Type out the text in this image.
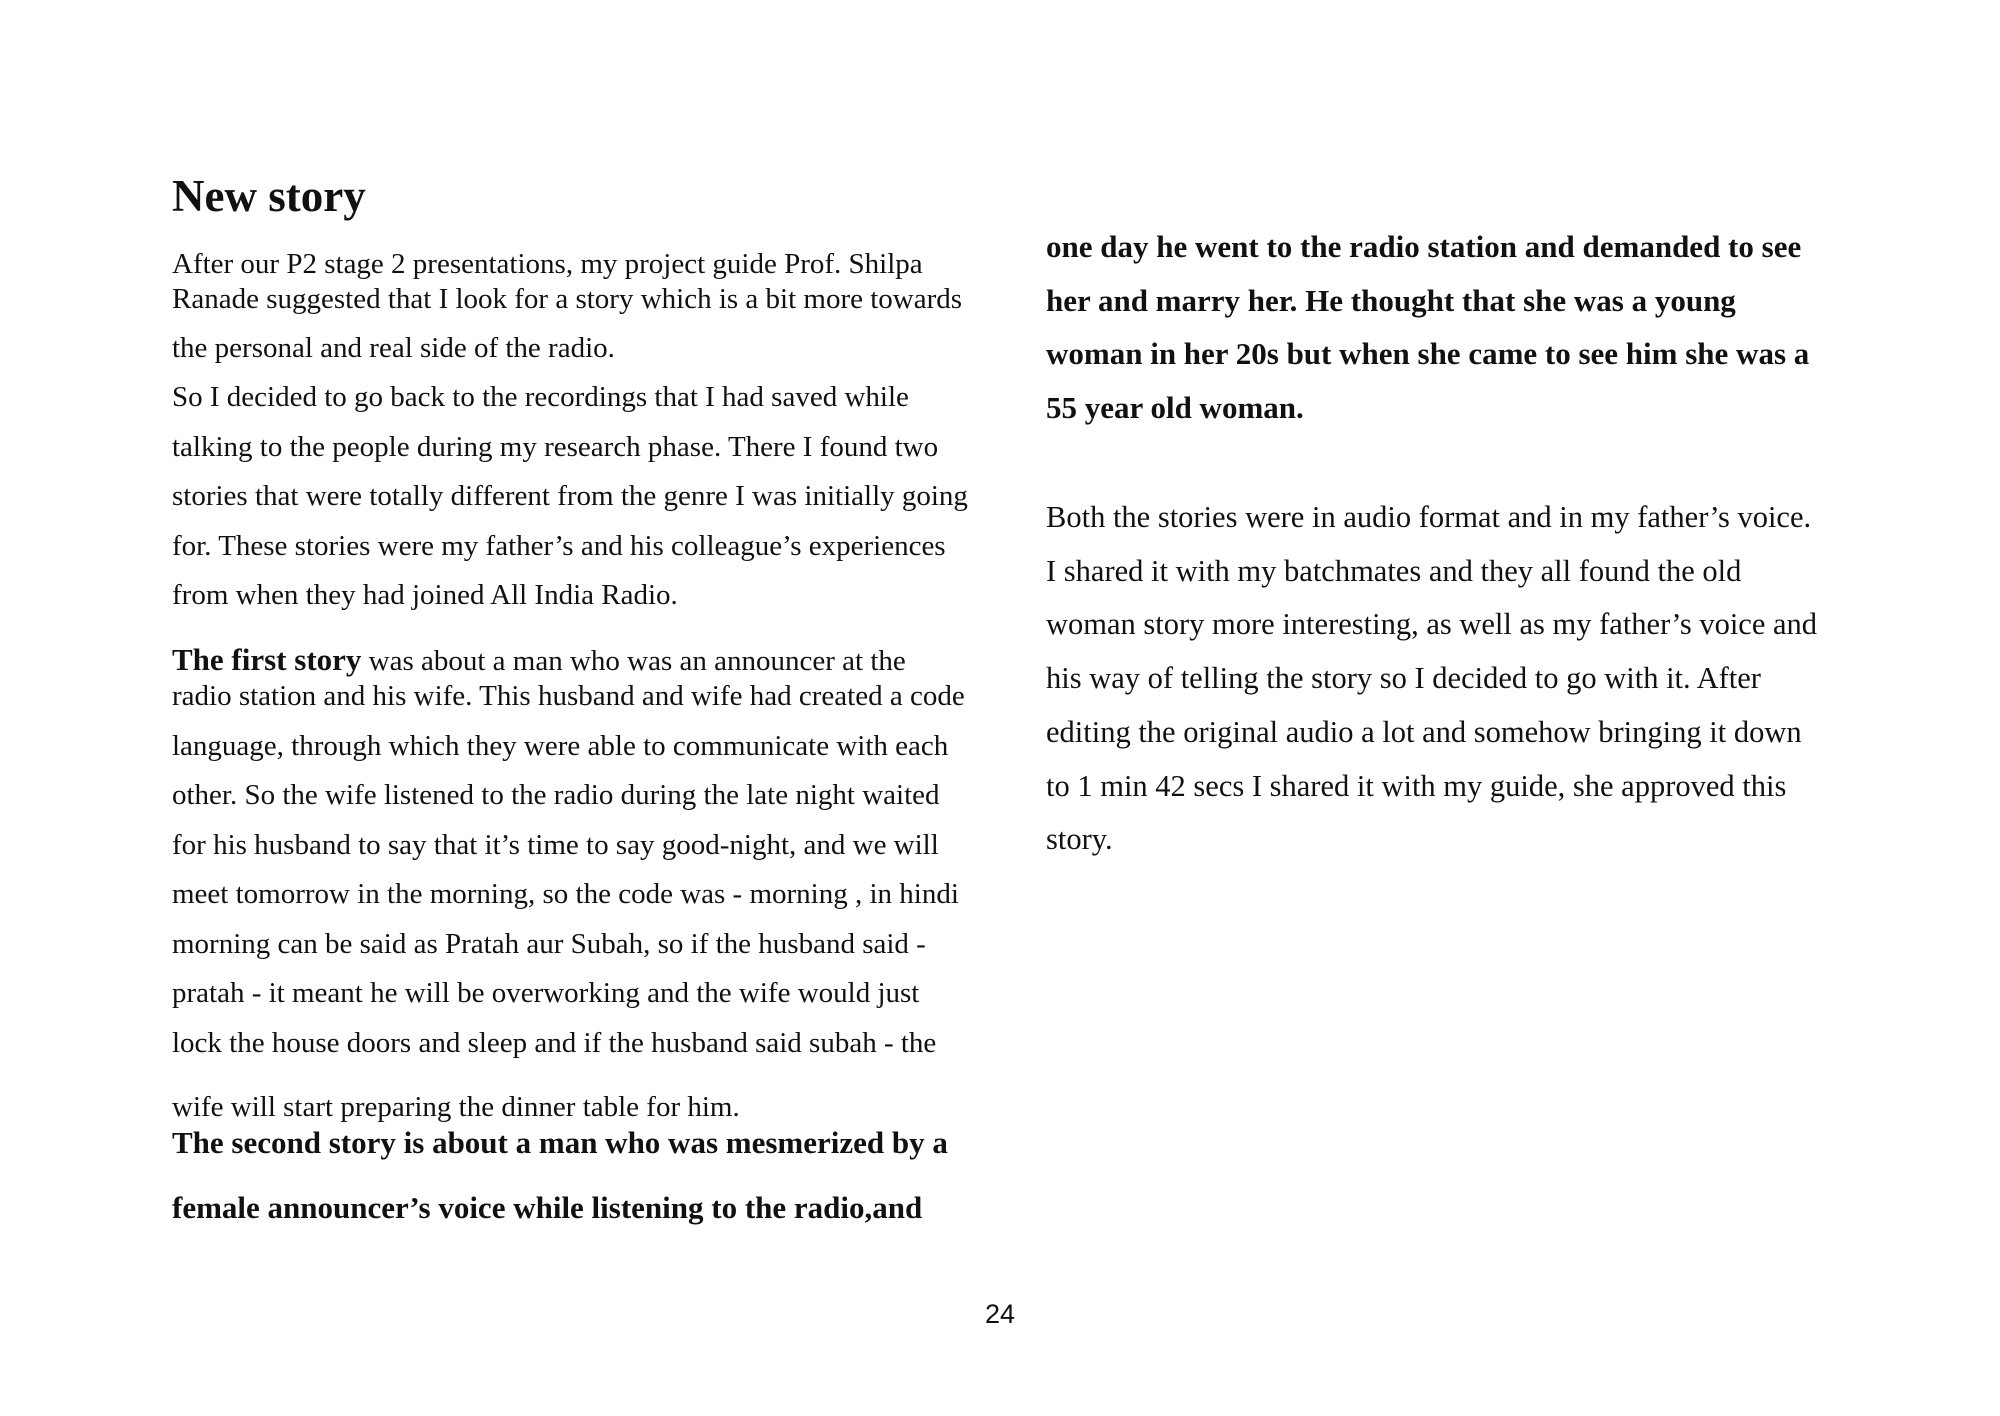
New story
After our P2 stage 2 presentations, my project guide Prof. Shilpa
Ranade suggested that I look for a story which is a bit more towards
the personal and real side of the radio.
So I decided to go back to the recordings that I had saved while
talking to the people during my research phase. There I found two
stories that were totally different from the genre I was initially going
for. These stories were my father’s and his colleague’s experiences
from when they had joined All India Radio.
The first story was about a man who was an announcer at the
radio station and his wife. This husband and wife had created a code
language, through which they were able to communicate with each
other. So the wife listened to the radio during the late night waited
for his husband to say that it’s time to say good-night, and we will
meet tomorrow in the morning, so the code was - morning , in hindi
morning can be said as Pratah aur Subah, so if the husband said -
pratah - it meant he will be overworking and the wife would just
lock the house doors and sleep and if the husband said subah - the
wife will start preparing the dinner table for him.
The second story is about a man who was mesmerized by a
female announcer’s voice while listening to the radio,and
one day he went to the radio station and demanded to see
her and marry her. He thought that she was a young
woman in her 20s but when she came to see him she was a
55 year old woman.
Both the stories were in audio format and in my father’s voice.
I shared it with my batchmates and they all found the old
woman story more interesting, as well as my father’s voice and
his way of telling the story so I decided to go with it. After
editing the original audio a lot and somehow bringing it down
to 1 min 42 secs I shared it with my guide, she approved this
story.
24
